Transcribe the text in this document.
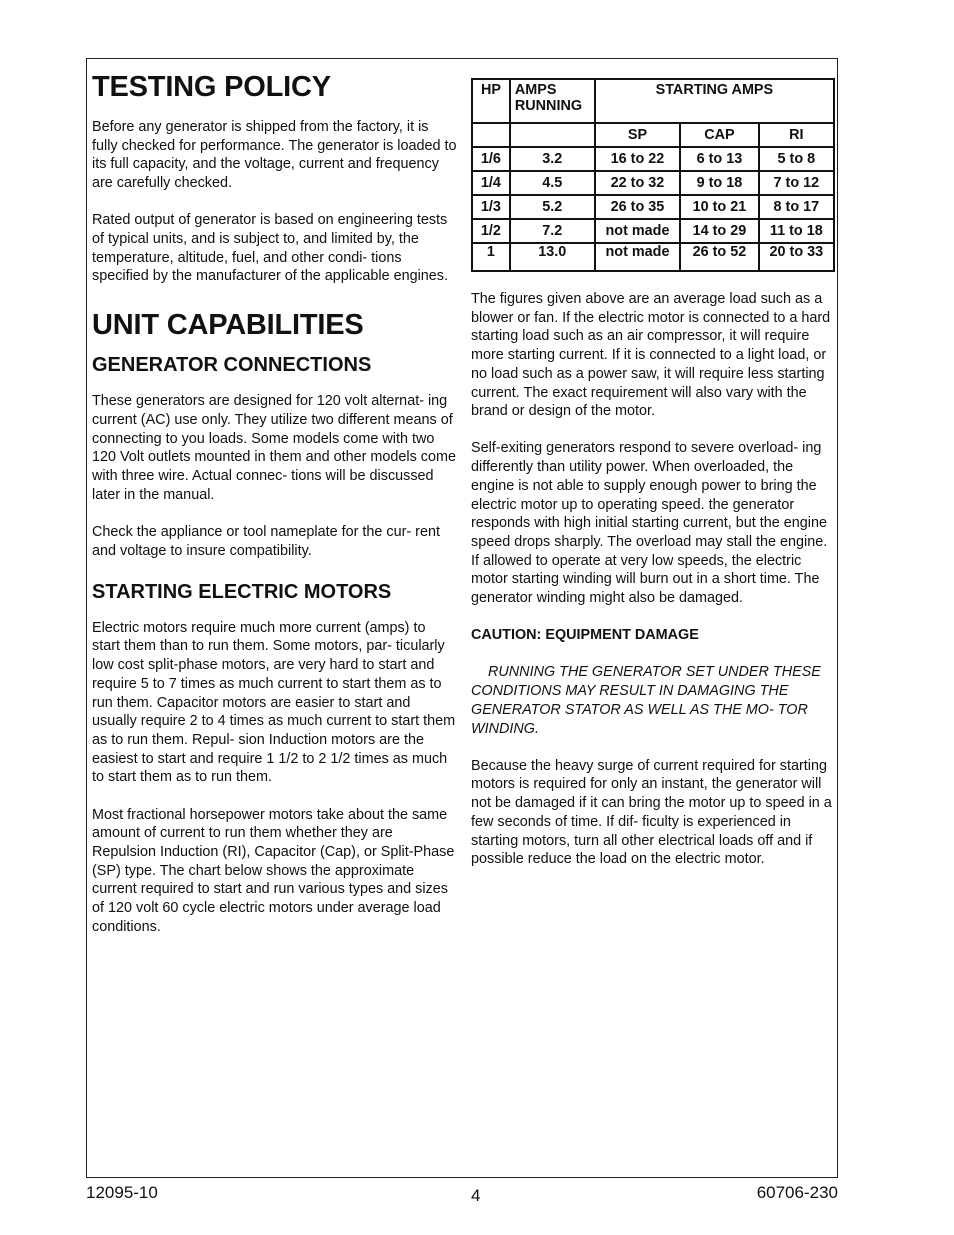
TESTING POLICY

Before any generator is shipped from the factory, it is fully checked for performance. The generator is loaded to its full capacity, and the voltage, current and frequency are carefully checked.

Rated output of generator is based on engineering tests of typical units, and is subject to, and limited by, the temperature, altitude, fuel, and other condi- tions specified by the manufacturer of the applicable engines.

UNIT CAPABILITIES
GENERATOR CONNECTIONS

These generators are designed for 120 volt alternat- ing current (AC) use only. They utilize two different means of connecting to you loads. Some models come with two 120 Volt outlets mounted in them and other models come with three wire. Actual connec- tions will be discussed later in the manual.

Check the appliance or tool nameplate for the cur- rent and voltage to insure compatibility.

STARTING ELECTRIC MOTORS

Electric motors require much more current (amps) to start them than to run them. Some motors, par- ticularly low cost split-phase motors, are very hard to start and require 5 to 7 times as much current to start them as to run them. Capacitor motors are easier to start and usually require 2 to 4 times as much current to start them as to run them. Repul- sion Induction motors are the easiest to start and require 1 1/2 to 2 1/2 times as much to start them as to run them.

Most fractional horsepower motors take about the same amount of current to run them whether they are Repulsion Induction (RI), Capacitor (Cap), or Split-Phase (SP) type. The chart below shows the approximate current required to start and run various types and sizes of 120 volt 60 cycle electric motors under average load conditions.

HP	AMPS RUNNING	STARTING AMPS		
		SP	CAP	RI
1/6	3.2	16 to 22	6 to 13	5 to 8
1/4	4.5	22 to 32	9 to 18	7 to 12
1/3	5.2	26 to 35	10 to 21	8 to 17
1/2	7.2	not made	14 to 29	11 to 18
1	13.0	not made	26 to 52	20 to 33

The figures given above are an average load such as a blower or fan. If the electric motor is connected to a hard starting load such as an air compressor, it will require more starting current. If it is connected to a light load, or no load such as a power saw, it will require less starting current. The exact requirement will also vary with the brand or design of the motor.

Self-exiting generators respond to severe overload- ing differently than utility power. When overloaded, the engine is not able to supply enough power to bring the electric motor up to operating speed. the generator responds with high initial starting current, but the engine speed drops sharply. The overload may stall the engine. If allowed to operate at very low speeds, the electric motor starting winding will burn out in a short time. The generator winding might also be damaged.

CAUTION: EQUIPMENT DAMAGE

RUNNING THE GENERATOR SET UNDER THESE CONDITIONS MAY RESULT IN DAMAGING THE GENERATOR STATOR AS WELL AS THE MO- TOR WINDING.

Because the heavy surge of current required for starting motors is required for only an instant, the generator will not be damaged if it can bring the motor up to speed in a few seconds of time. If dif- ficulty is experienced in starting motors, turn all other electrical loads off and if possible reduce the load on the electric motor.

12095-10	4	60706-230
